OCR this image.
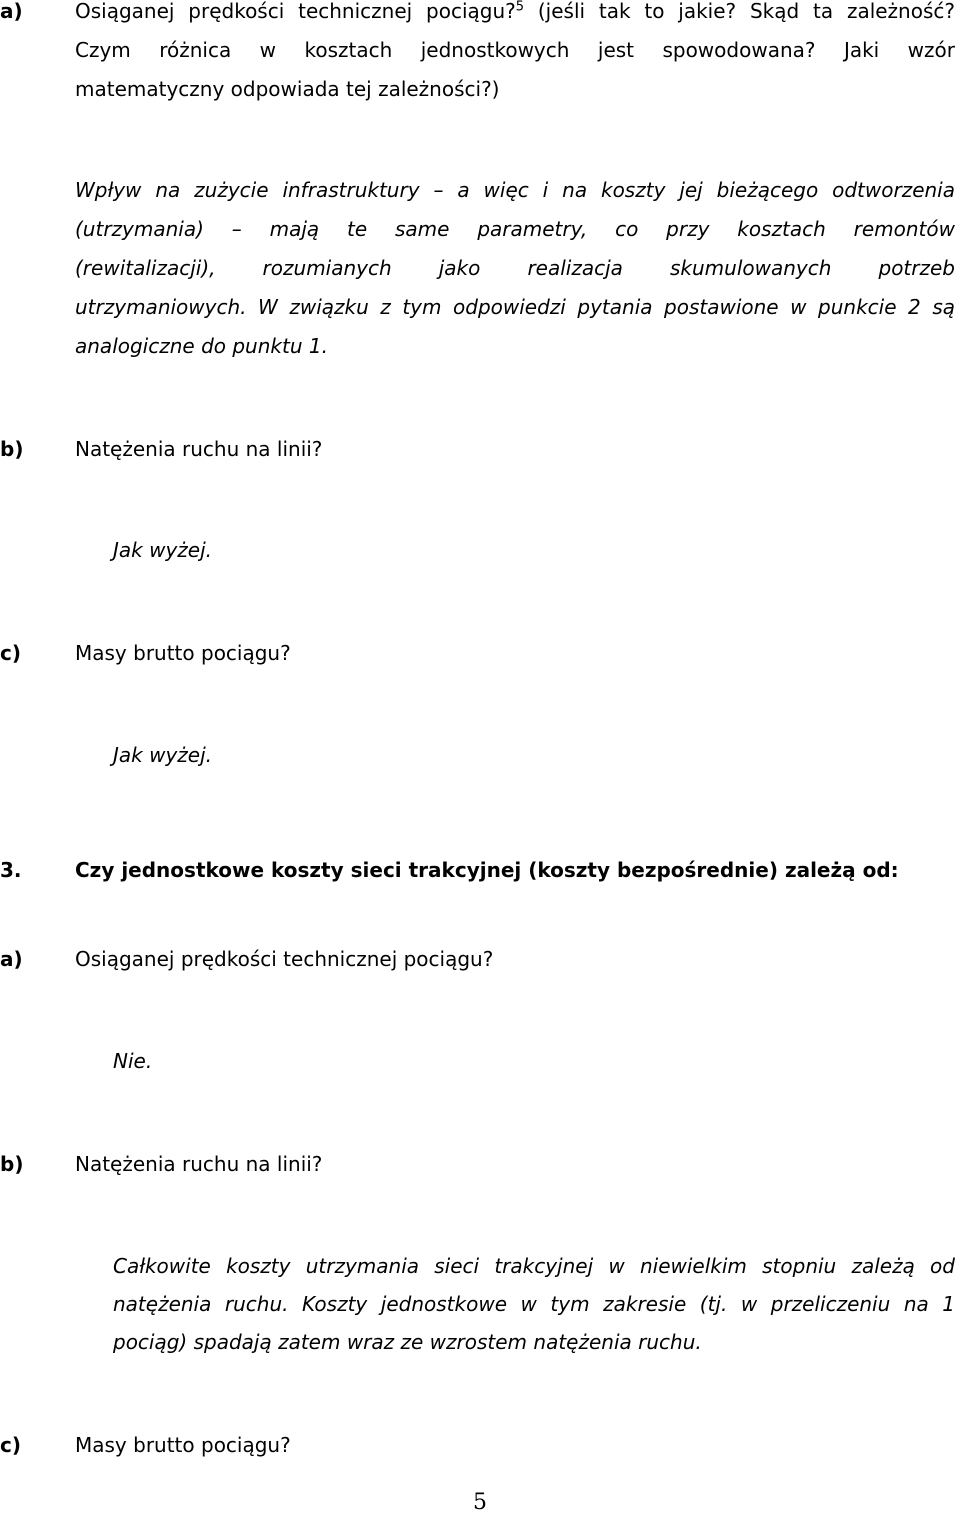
a)	Osiąganej prędkości technicznej pociągu?$^5$ (jeśli tak to jakie? Skąd ta zależność?
Czym różnica w kosztach jednostkowych jest spowodowana? Jaki wzór
matematyczny odpowiada tej zależności?)
Wpływ na zużycie infrastruktury – a więc i na koszty jej bieżącego odtworzenia
(utrzymania) – mają te same parametry, co przy kosztach remontów
(rewitalizacji), rozumianych jako realizacja skumulowanych potrzeb
utrzymaniowych. W związku z tym odpowiedzi pytania postawione w punkcie 2 są
analogiczne do punktu 1.
b)	Natężenia ruchu na linii?
Jak wyżej.
c)	Masy brutto pociągu?
Jak wyżej.
3.	Czy jednostkowe koszty sieci trakcyjnej (koszty bezpośrednie) zależą od:
a)	Osiąganej prędkości technicznej pociągu?
Nie.
b)	Natężenia ruchu na linii?
Całkowite koszty utrzymania sieci trakcyjnej w niewielkim stopniu zależą od
natężenia ruchu. Koszty jednostkowe w tym zakresie (tj. w przeliczeniu na 1
pociąg) spadają zatem wraz ze wzrostem natężenia ruchu.
c)	Masy brutto pociągu?
5
